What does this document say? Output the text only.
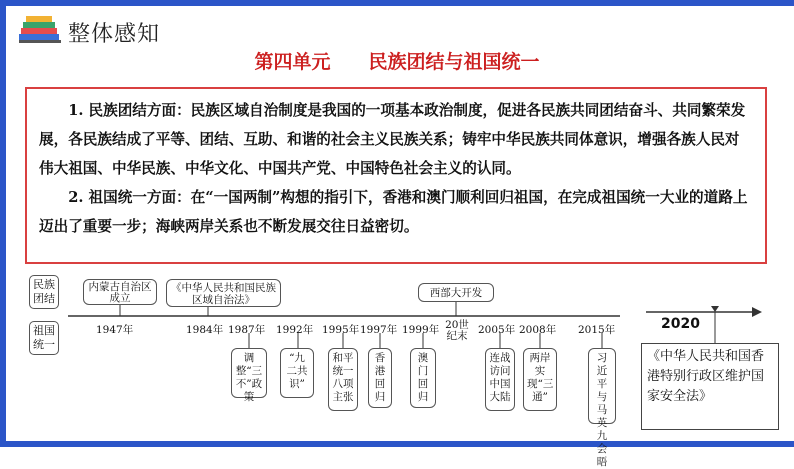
整体感知
第四单元　　民族团结与祖国统一

1. 民族团结方面：民族区域自治制度是我国的一项基本政治制度，促进各民族共同团结奋斗、共同繁荣发展，各民族结成了平等、团结、互助、和谐的社会主义民族关系；铸牢中华民族共同体意识，增强各族人民对伟大祖国、中华民族、中华文化、中国共产党、中国特色社会主义的认同。

2. 祖国统一方面：在“一国两制”构想的指引下，香港和澳门顺利回归祖国，在完成祖国统一大业的道路上迈出了重要一步；海峡两岸关系也不断发展交往日益密切。

民族团结
祖国统一
内蒙古自治区成立
《中华人民共和国民族区域自治法》
西部大开发
1947年	1984年 1987年 1992年 1995年 1997年 1999年 20世纪末 2005年 2008年 2015年
调整“三不”政策
“九二共识”
和平统一八项主张
香港回归
澳门回归
连战访问中国大陆
两岸实现“三通”
习近平与马英九会晤
2020
《中华人民共和国香港特别行政区维护国家安全法》
